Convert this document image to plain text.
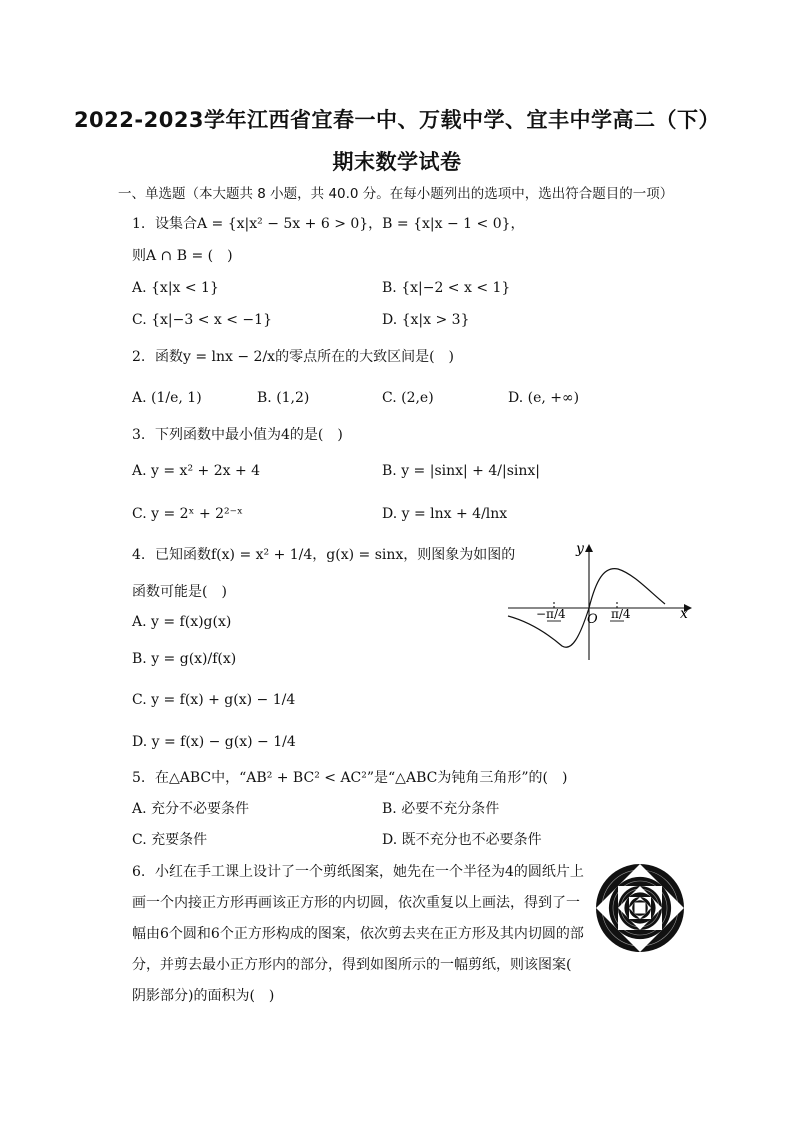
2022-2023学年江西省宜春一中、万载中学、宜丰中学高二（下）
期末数学试卷
一、单选题（本大题共 8 小题，共 40.0 分。在每小题列出的选项中，选出符合题目的一项）
1. 设集合A = {x|x² − 5x + 6 > 0}，B = {x|x − 1 < 0}，
则A ∩ B = (　)
A. {x|x < 1}	B. {x|−2 < x < 1}
C. {x|−3 < x < −1}	D. {x|x > 3}
2. 函数y = lnx − 2/x的零点所在的大致区间是(　)
A. (1/e, 1)	B. (1,2)	C. (2,e)	D. (e, +∞)
3. 下列函数中最小值为4的是(　)
A. y = x² + 2x + 4	B. y = |sinx| + 4/|sinx|
C. y = 2ˣ + 2²⁻ˣ	D. y = lnx + 4/lnx
4. 已知函数f(x) = x² + 1/4，g(x) = sinx，则图象为如图的
函数可能是(　)
A. y = f(x)g(x)
B. y = g(x)/f(x)
C. y = f(x) + g(x) − 1/4
D. y = f(x) − g(x) − 1/4
y
x
O
−π/4	π/4
5. 在△ABC中，“AB² + BC² < AC²”是“△ABC为钝角三角形”的(　)
A. 充分不必要条件	B. 必要不充分条件
C. 充要条件	D. 既不充分也不必要条件
6. 小红在手工课上设计了一个剪纸图案，她先在一个半径为4的圆纸片上
画一个内接正方形再画该正方形的内切圆，依次重复以上画法，得到了一
幅由6个圆和6个正方形构成的图案，依次剪去夹在正方形及其内切圆的部
分，并剪去最小正方形内的部分，得到如图所示的一幅剪纸，则该图案(
阴影部分)的面积为(　)
